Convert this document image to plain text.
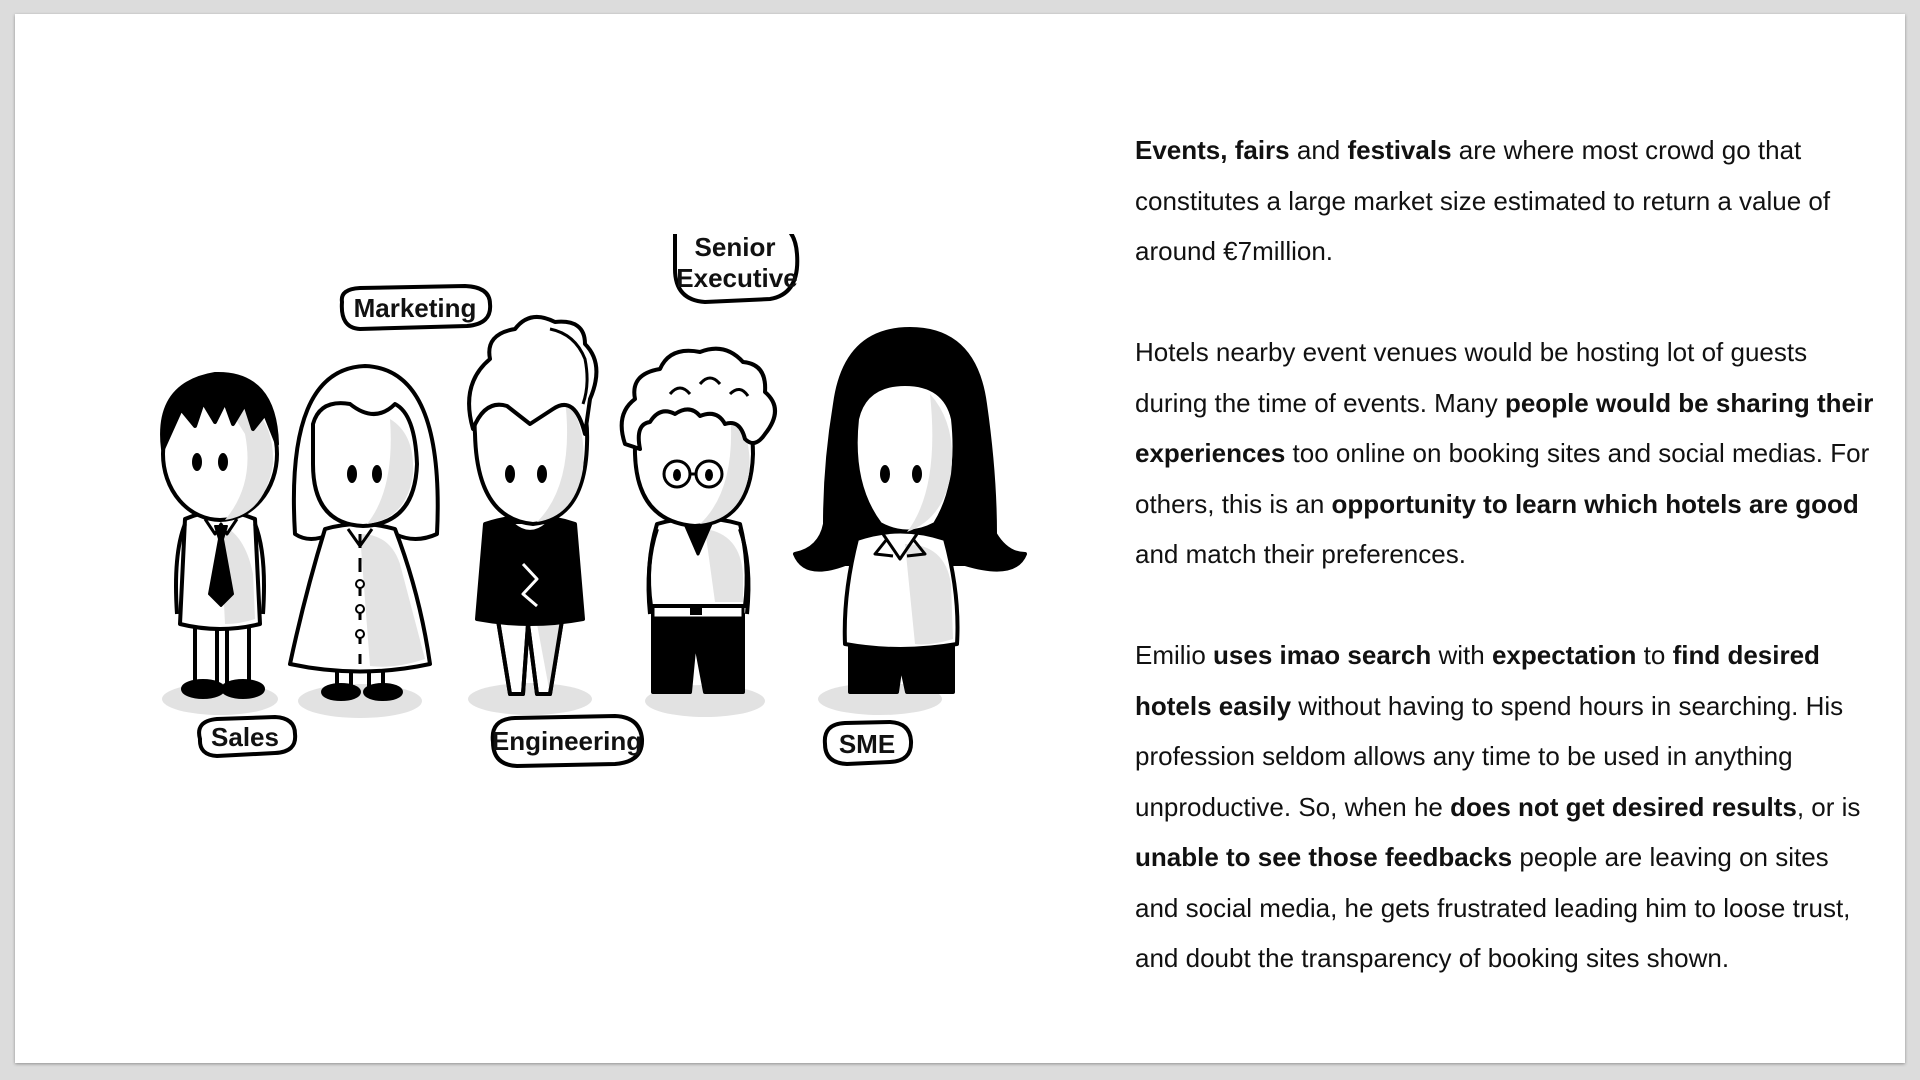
Marketing
Senior
Executive
Sales	Engineering	SME

Events, fairs and festivals are where most crowd go that constitutes a large market size estimated to return a value of around €7million.

Hotels nearby event venues would be hosting lot of guests during the time of events. Many people would be sharing their experiences too online on booking sites and social medias. For others, this is an opportunity to learn which hotels are good and match their preferences.

Emilio uses imao search with expectation to find desired hotels easily without having to spend hours in searching. His profession seldom allows any time to be used in anything unproductive. So, when he does not get desired results, or is unable to see those feedbacks people are leaving on sites and social media, he gets frustrated leading him to loose trust, and doubt the transparency of booking sites shown.
